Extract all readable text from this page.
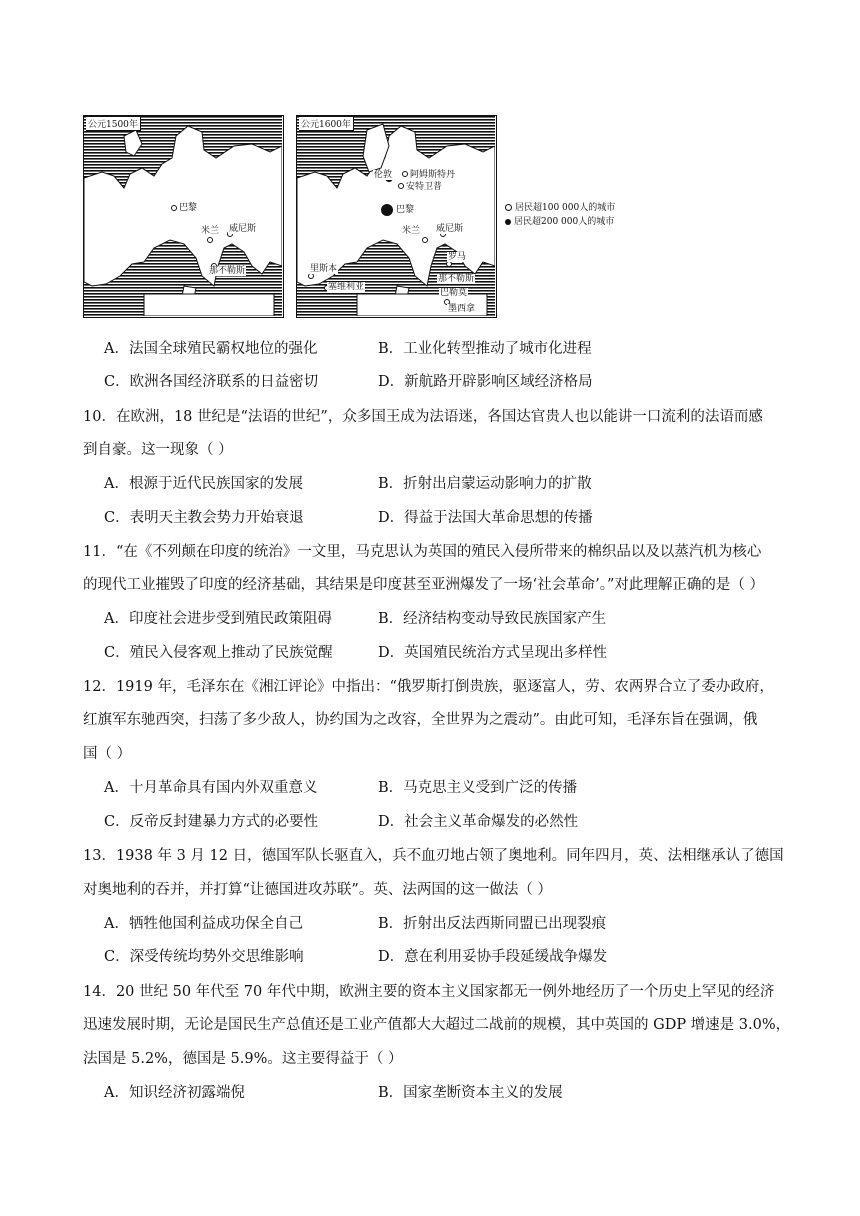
公元1500年
巴黎
米兰 威尼斯
那不勒斯
公元1600年
伦敦 阿姆斯特丹
安特卫普
巴黎
米兰 威尼斯
罗马
里斯本
那不勒斯
塞维利亚
巴勒莫
墨西拿
居民超100 000人的城市
居民超200 000人的城市
A．法国全球殖民霸权地位的强化	B．工业化转型推动了城市化进程
C．欧洲各国经济联系的日益密切	D．新航路开辟影响区域经济格局
10．在欧洲，18 世纪是“法语的世纪”，众多国王成为法语迷，各国达官贵人也以能讲一口流利的法语而感
到自豪。这一现象（ ）
A．根源于近代民族国家的发展	B．折射出启蒙运动影响力的扩散
C．表明天主教会势力开始衰退	D．得益于法国大革命思想的传播
11．“在《不列颠在印度的统治》一文里，马克思认为英国的殖民入侵所带来的棉织品以及以蒸汽机为核心
的现代工业摧毁了印度的经济基础，其结果是印度甚至亚洲爆发了一场‘社会革命’。”对此理解正确的是（ ）
A．印度社会进步受到殖民政策阻碍	B．经济结构变动导致民族国家产生
C．殖民入侵客观上推动了民族觉醒	D．英国殖民统治方式呈现出多样性
12．1919 年，毛泽东在《湘江评论》中指出：“俄罗斯打倒贵族，驱逐富人，劳、农两界合立了委办政府，
红旗军东驰西突，扫荡了多少敌人，协约国为之改容，全世界为之震动”。由此可知，毛泽东旨在强调，俄
国（ ）
A．十月革命具有国内外双重意义	B．马克思主义受到广泛的传播
C．反帝反封建暴力方式的必要性	D．社会主义革命爆发的必然性
13．1938 年 3 月 12 日，德国军队长驱直入，兵不血刃地占领了奥地利。同年四月，英、法相继承认了德国
对奥地利的吞并，并打算“让德国进攻苏联”。英、法两国的这一做法（ ）
A．牺牲他国利益成功保全自己	B．折射出反法西斯同盟已出现裂痕
C．深受传统均势外交思维影响	D．意在利用妥协手段延缓战争爆发
14．20 世纪 50 年代至 70 年代中期，欧洲主要的资本主义国家都无一例外地经历了一个历史上罕见的经济
迅速发展时期，无论是国民生产总值还是工业产值都大大超过二战前的规模，其中英国的 GDP 增速是 3.0%，
法国是 5.2%，德国是 5.9%。这主要得益于（ ）
A．知识经济初露端倪	B．国家垄断资本主义的发展
